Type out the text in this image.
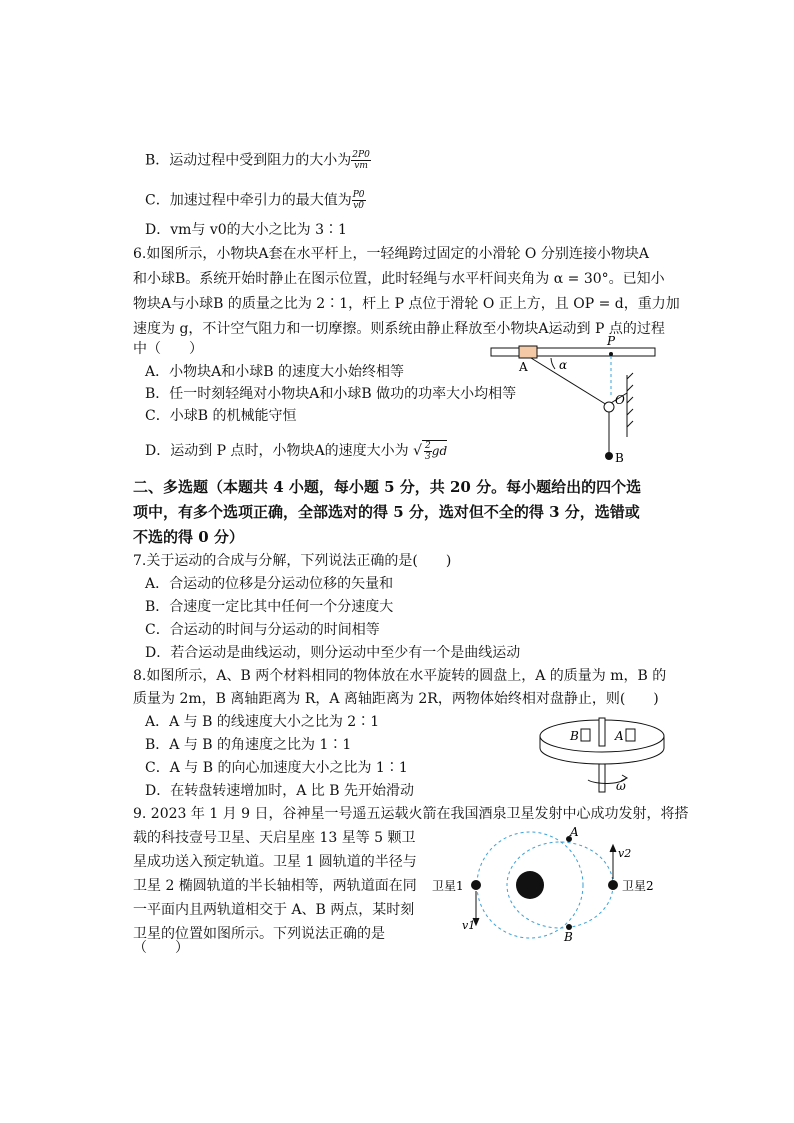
B．运动过程中受到阻力的大小为 $\frac{2P0}{vm}$
C．加速过程中牵引力的最大值为 $\frac{P0}{v0}$
D．vm与 v0的大小之比为 3∶1
6.如图所示，小物块A套在水平杆上，一轻绳跨过固定的小滑轮 O 分别连接小物块A
和小球B。系统开始时静止在图示位置，此时轻绳与水平杆间夹角为 α = 30°。已知小
物块A与小球B 的质量之比为 2∶1，杆上 P 点位于滑轮 O 正上方，且 OP = d，重力加
速度为 g，不计空气阻力和一切摩擦。则系统由静止释放至小物块A运动到 P 点的过程
中（　　）
A．小物块A和小球B 的速度大小始终相等
B．任一时刻轻绳对小物块A和小球B 做功的功率大小均相等
C．小球B 的机械能守恒
D．运动到 P 点时，小物块A的速度大小为 √ $\frac{2}{3}$ gd
A
P
O
B
α
二、多选题（本题共 4 小题，每小题 5 分，共 20 分。每小题给出的四个选
项中，有多个选项正确，全部选对的得 5 分，选对但不全的得 3 分，选错或
不选的得 0 分）
7.关于运动的合成与分解，下列说法正确的是(　　)
A．合运动的位移是分运动位移的矢量和
B．合速度一定比其中任何一个分速度大
C．合运动的时间与分运动的时间相等
D．若合运动是曲线运动，则分运动中至少有一个是曲线运动
8.如图所示，A、B 两个材料相同的物体放在水平旋转的圆盘上，A 的质量为 m，B 的
质量为 2m，B 离轴距离为 R，A 离轴距离为 2R，两物体始终相对盘静止，则(　　)
A．A 与 B 的线速度大小之比为 2∶1
B．A 与 B 的角速度之比为 1∶1
C．A 与 B 的向心加速度大小之比为 1∶1
D．在转盘转速增加时，A 比 B 先开始滑动
B	A
ω
9. 2023 年 1 月 9 日，谷神星一号遥五运载火箭在我国酒泉卫星发射中心成功发射，将搭
载的科技壹号卫星、天启星座 13 星等 5 颗卫
星成功送入预定轨道。卫星 1 圆轨道的半径与
卫星 2 椭圆轨道的半长轴相等，两轨道面在同
一平面内且两轨道相交于 A、B 两点，某时刻
卫星的位置如图所示。下列说法正确的是
（　　）
卫星1	卫星2
A
B
v1
v2
